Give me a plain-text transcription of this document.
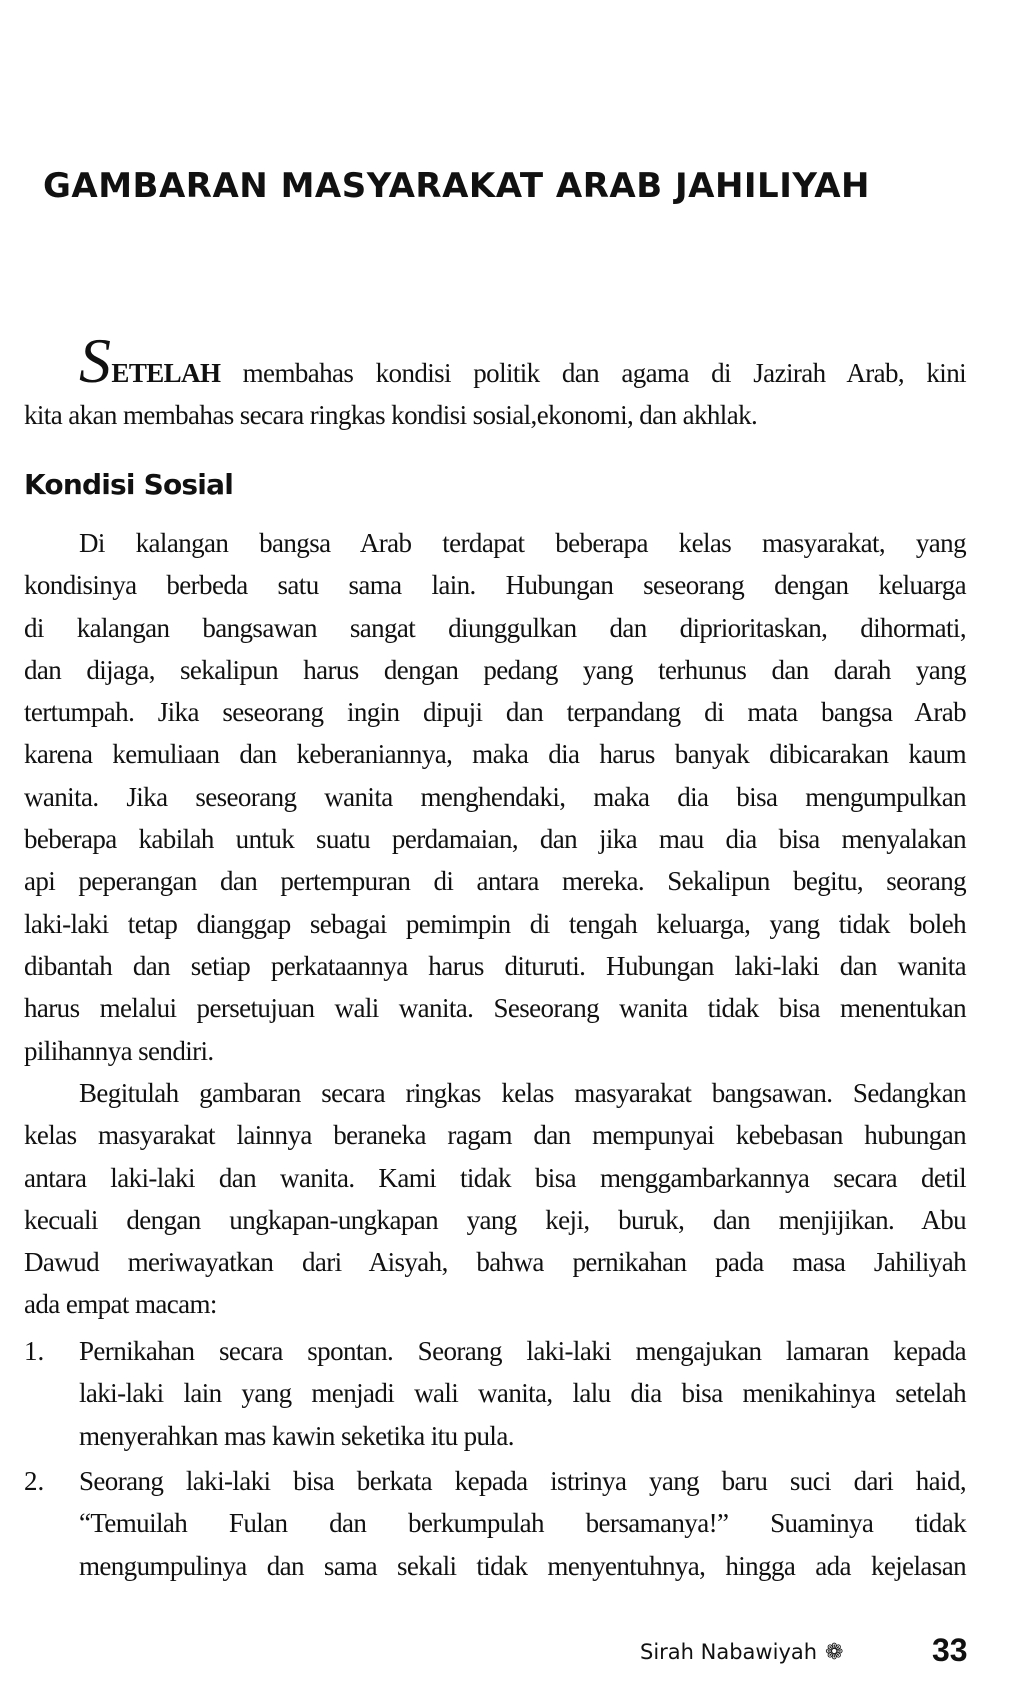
GAMBARAN MASYARAKAT ARAB JAHILIYAH
SETELAH membahas kondisi politik dan agama di Jazirah Arab, kini
kita akan membahas secara ringkas kondisi sosial,ekonomi, dan akhlak.
Kondisi Sosial
Di kalangan bangsa Arab terdapat beberapa kelas masyarakat, yang
kondisinya berbeda satu sama lain. Hubungan seseorang dengan keluarga
di kalangan bangsawan sangat diunggulkan dan diprioritaskan, dihormati,
dan dijaga, sekalipun harus dengan pedang yang terhunus dan darah yang
tertumpah. Jika seseorang ingin dipuji dan terpandang di mata bangsa Arab
karena kemuliaan dan keberaniannya, maka dia harus banyak dibicarakan kaum
wanita. Jika seseorang wanita menghendaki, maka dia bisa mengumpulkan
beberapa kabilah untuk suatu perdamaian, dan jika mau dia bisa menyalakan
api peperangan dan pertempuran di antara mereka. Sekalipun begitu, seorang
laki-laki tetap dianggap sebagai pemimpin di tengah keluarga, yang tidak boleh
dibantah dan setiap perkataannya harus dituruti. Hubungan laki-laki dan wanita
harus melalui persetujuan wali wanita. Seseorang wanita tidak bisa menentukan
pilihannya sendiri.
Begitulah gambaran secara ringkas kelas masyarakat bangsawan. Sedangkan
kelas masyarakat lainnya beraneka ragam dan mempunyai kebebasan hubungan
antara laki-laki dan wanita. Kami tidak bisa menggambarkannya secara detil
kecuali dengan ungkapan-ungkapan yang keji, buruk, dan menjijikan. Abu
Dawud meriwayatkan dari Aisyah, bahwa pernikahan pada masa Jahiliyah
ada empat macam:
1. Pernikahan secara spontan. Seorang laki-laki mengajukan lamaran kepada
laki-laki lain yang menjadi wali wanita, lalu dia bisa menikahinya setelah
menyerahkan mas kawin seketika itu pula.
2. Seorang laki-laki bisa berkata kepada istrinya yang baru suci dari haid,
“Temuilah Fulan dan berkumpulah bersamanya!” Suaminya tidak
mengumpulinya dan sama sekali tidak menyentuhnya, hingga ada kejelasan
Sirah Nabawiyah ❁	33
